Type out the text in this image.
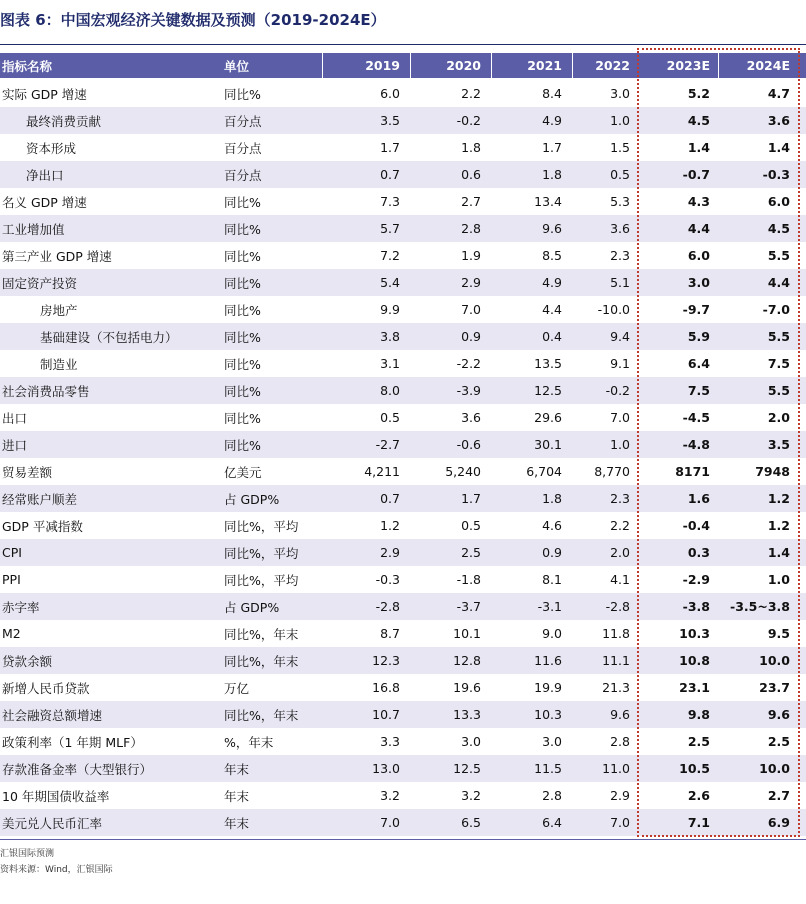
图表 6：中国宏观经济关键数据及预测（2019-2024E）
指标名称	单位	2019	2020	2021	2022	2023E	2024E
实际 GDP 增速	同比%	6.0	2.2	8.4	3.0	5.2	4.7
最终消费贡献	百分点	3.5	-0.2	4.9	1.0	4.5	3.6
资本形成	百分点	1.7	1.8	1.7	1.5	1.4	1.4
净出口	百分点	0.7	0.6	1.8	0.5	-0.7	-0.3
名义 GDP 增速	同比%	7.3	2.7	13.4	5.3	4.3	6.0
工业增加值	同比%	5.7	2.8	9.6	3.6	4.4	4.5
第三产业 GDP 增速	同比%	7.2	1.9	8.5	2.3	6.0	5.5
固定资产投资	同比%	5.4	2.9	4.9	5.1	3.0	4.4
房地产	同比%	9.9	7.0	4.4	-10.0	-9.7	-7.0
基础建设（不包括电力）	同比%	3.8	0.9	0.4	9.4	5.9	5.5
制造业	同比%	3.1	-2.2	13.5	9.1	6.4	7.5
社会消费品零售	同比%	8.0	-3.9	12.5	-0.2	7.5	5.5
出口	同比%	0.5	3.6	29.6	7.0	-4.5	2.0
进口	同比%	-2.7	-0.6	30.1	1.0	-4.8	3.5
贸易差额	亿美元	4,211	5,240	6,704	8,770	8171	7948
经常账户顺差	占 GDP%	0.7	1.7	1.8	2.3	1.6	1.2
GDP 平减指数	同比%，平均	1.2	0.5	4.6	2.2	-0.4	1.2
CPI	同比%，平均	2.9	2.5	0.9	2.0	0.3	1.4
PPI	同比%，平均	-0.3	-1.8	8.1	4.1	-2.9	1.0
赤字率	占 GDP%	-2.8	-3.7	-3.1	-2.8	-3.8	-3.5~3.8
M2	同比%，年末	8.7	10.1	9.0	11.8	10.3	9.5
贷款余额	同比%，年末	12.3	12.8	11.6	11.1	10.8	10.0
新增人民币贷款	万亿	16.8	19.6	19.9	21.3	23.1	23.7
社会融资总额增速	同比%，年末	10.7	13.3	10.3	9.6	9.8	9.6
政策利率（1 年期 MLF）	%，年末	3.3	3.0	3.0	2.8	2.5	2.5
存款准备金率（大型银行）	年末	13.0	12.5	11.5	11.0	10.5	10.0
10 年期国债收益率	年末	3.2	3.2	2.8	2.9	2.6	2.7
美元兑人民币汇率	年末	7.0	6.5	6.4	7.0	7.1	6.9
汇银国际预测
资料来源：Wind，汇银国际
